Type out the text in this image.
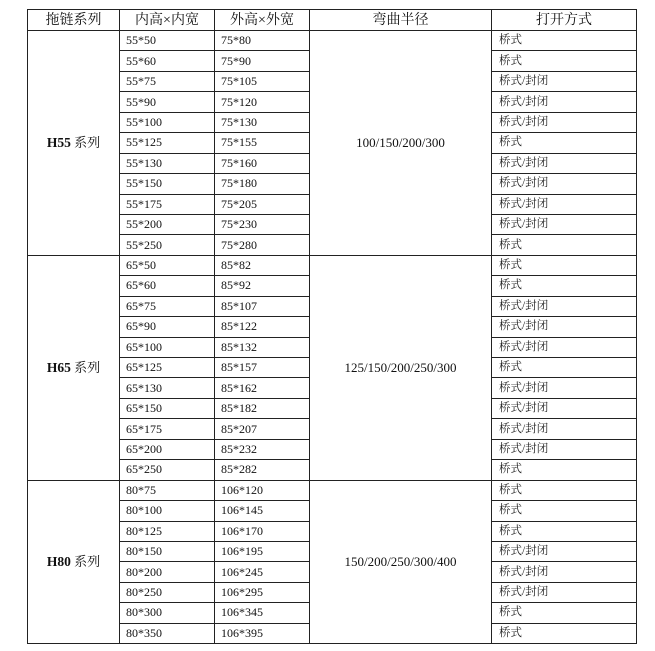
拖链系列	内高×内宽	外高×外宽	弯曲半径	打开方式
H55 系列	55*50	75*80	100/150/200/300	桥式
	55*60	75*90		桥式
	55*75	75*105		桥式/封闭
	55*90	75*120		桥式/封闭
	55*100	75*130		桥式/封闭
	55*125	75*155		桥式
	55*130	75*160		桥式/封闭
	55*150	75*180		桥式/封闭
	55*175	75*205		桥式/封闭
	55*200	75*230		桥式/封闭
	55*250	75*280		桥式
H65 系列	65*50	85*82	125/150/200/250/300	桥式
	65*60	85*92		桥式
	65*75	85*107		桥式/封闭
	65*90	85*122		桥式/封闭
	65*100	85*132		桥式/封闭
	65*125	85*157		桥式
	65*130	85*162		桥式/封闭
	65*150	85*182		桥式/封闭
	65*175	85*207		桥式/封闭
	65*200	85*232		桥式/封闭
	65*250	85*282		桥式
H80 系列	80*75	106*120	150/200/250/300/400	桥式
	80*100	106*145		桥式
	80*125	106*170		桥式
	80*150	106*195		桥式/封闭
	80*200	106*245		桥式/封闭
	80*250	106*295		桥式/封闭
	80*300	106*345		桥式
	80*350	106*395		桥式
